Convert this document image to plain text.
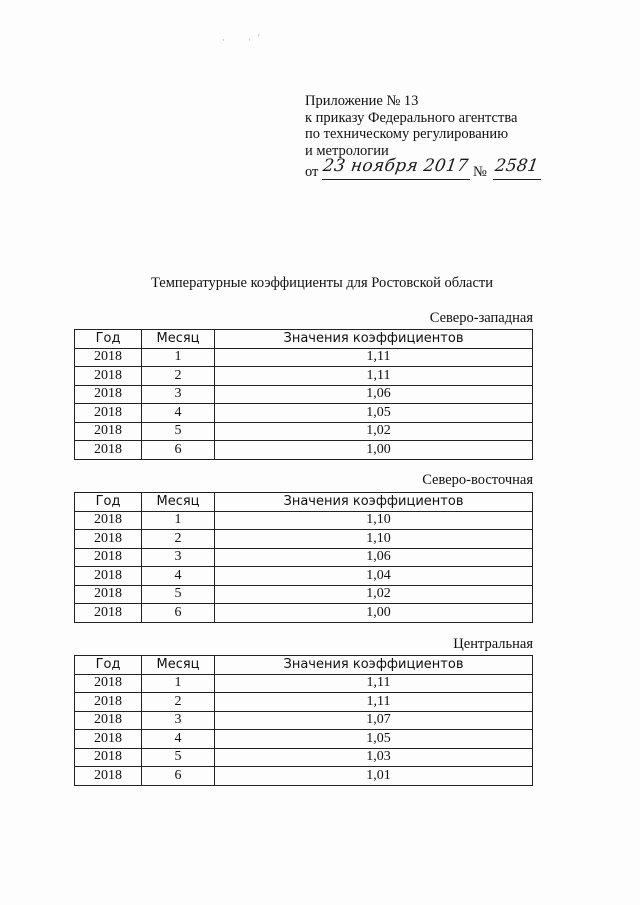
·	· '
Приложение № 13
к приказу Федерального агентства
по техническому регулированию
и метрологии
от 23 ноября 2017 № 2581
Температурные коэффициенты для Ростовской области
Северо-западная
Год	Месяц	Значения коэффициентов
2018	1	1,11
2018	2	1,11
2018	3	1,06
2018	4	1,05
2018	5	1,02
2018	6	1,00
Северо-восточная
Год	Месяц	Значения коэффициентов
2018	1	1,10
2018	2	1,10
2018	3	1,06
2018	4	1,04
2018	5	1,02
2018	6	1,00
Центральная
Год	Месяц	Значения коэффициентов
2018	1	1,11
2018	2	1,11
2018	3	1,07
2018	4	1,05
2018	5	1,03
2018	6	1,01
